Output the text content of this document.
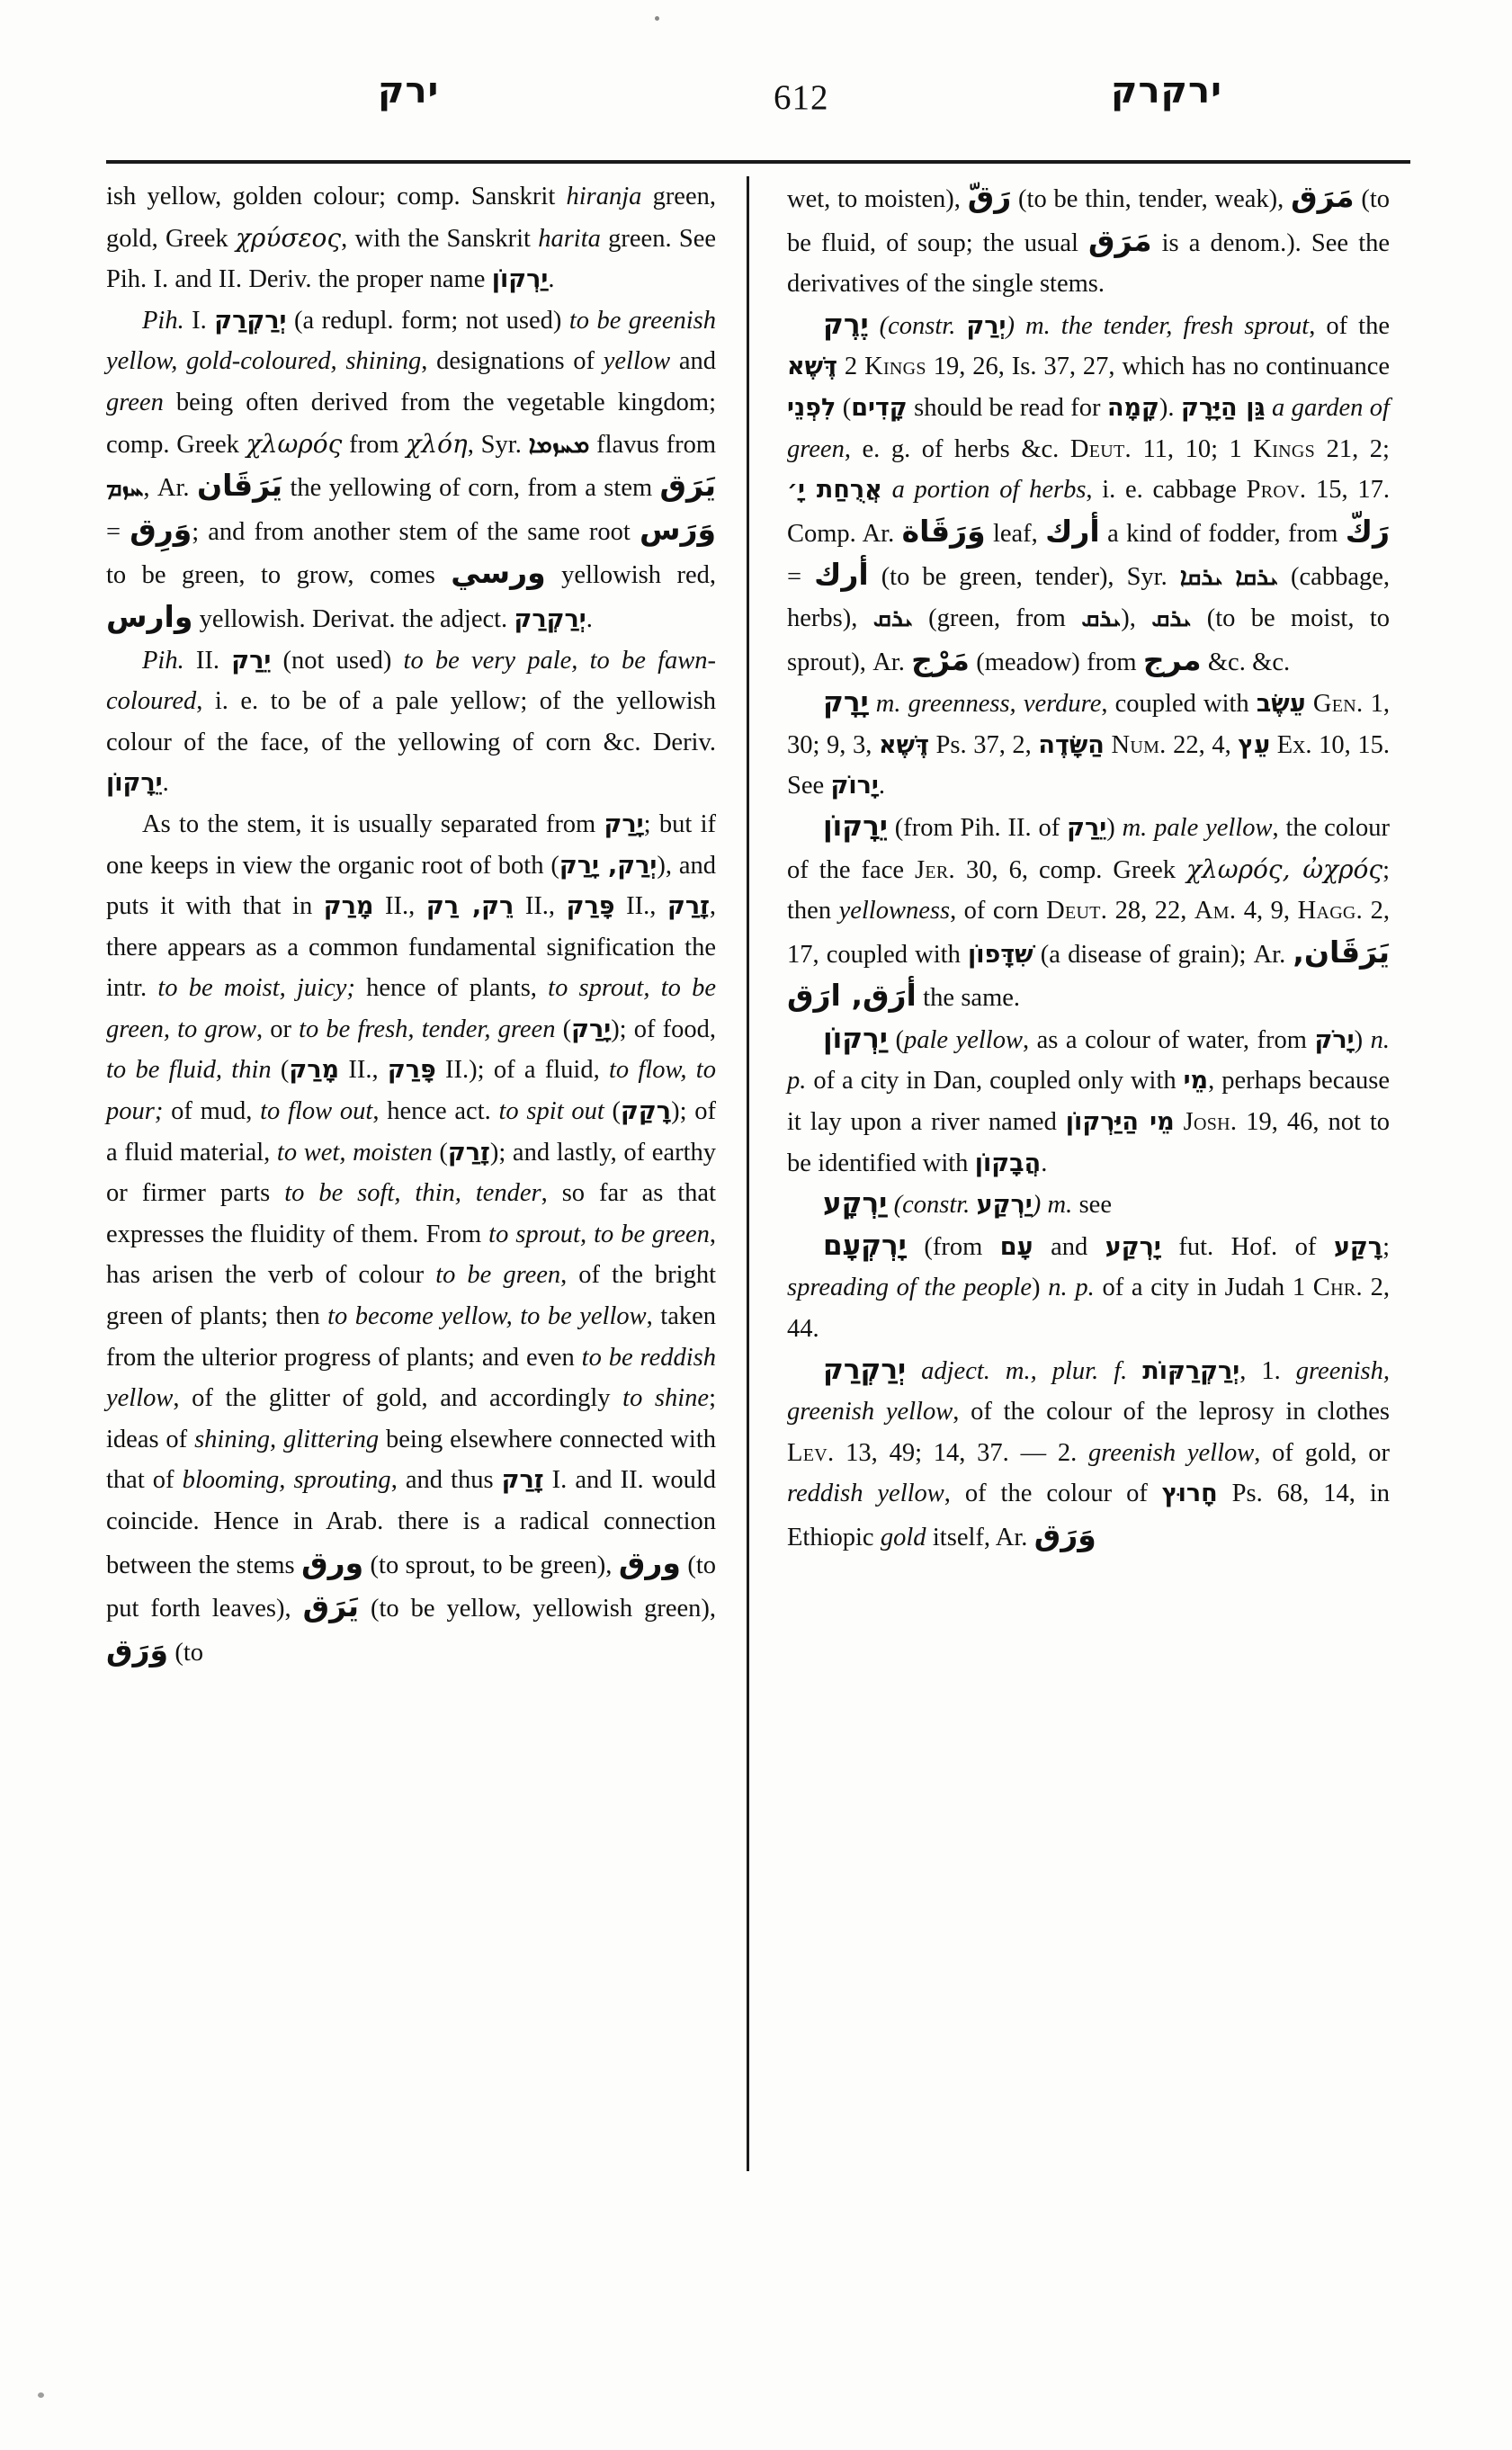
ירק	612	ירקרק

ish yellow, golden colour; comp. Sanskrit hiranja green, gold, Greek χρύσεος, with the Sanskrit harita green. See Pih. I. and II. Deriv. the proper name יַרְקוֹן.

Pih. I. יְרַקְרַק (a redupl. form; not used) to be greenish yellow, gold-coloured, shining, designations of yellow and green being often derived from the vegetable kingdom; comp. Greek χλωρός from χλόη, Syr. ܡܚܙܡܐ flavus from ܚܙܡ, Ar. يَرَقَان the yellowing of corn, from a stem يَرَق = وَرِق; and from another stem of the same root وَرَس to be green, to grow, comes ورسي yellowish red, وارس yellowish. Derivat. the adject. יְרַקְרַק.

Pih. II. יֵרַק (not used) to be very pale, to be fawn-coloured, i. e. to be of a pale yellow; of the yellowish colour of the face, of the yellowing of corn &c. Deriv. יֵרָקוֹן.

As to the stem, it is usually separated from יָרַק; but if one keeps in view the organic root of both (יְרַק, יָרַק), and puts it with that in מָרַק II., רֵק, רַק II., פָּרַק II., זָרַק, there appears as a common fundamental signification the intr. to be moist, juicy; hence of plants, to sprout, to be green, to grow, or to be fresh, tender, green (יָרַק); of food, to be fluid, thin (מָרַק II., פָּרַק II.); of a fluid, to flow, to pour; of mud, to flow out, hence act. to spit out (רָקַק); of a fluid material, to wet, moisten (זָרַק); and lastly, of earthy or firmer parts to be soft, thin, tender, so far as that expresses the fluidity of them. From to sprout, to be green, has arisen the verb of colour to be green, of the bright green of plants; then to become yellow, to be yellow, taken from the ulterior progress of plants; and even to be reddish yellow, of the glitter of gold, and accordingly to shine; ideas of shining, glittering being elsewhere connected with that of blooming, sprouting, and thus זָרַק I. and II. would coincide. Hence in Arab. there is a radical connection between the stems ورق (to sprout, to be green), ورق (to put forth leaves), يَرَق (to be yellow, yellowish green), وَرَق (to

wet, to moisten), رَقّ (to be thin, tender, weak), مَرَق (to be fluid, of soup; the usual مَرَق is a denom.). See the derivatives of the single stems.

יֶרֶק (constr. יְרַק) m. the tender, fresh sprout, of the דֶּשֶׁא 2 Kings 19, 26, Is. 37, 27, which has no continuance לִפְנֵי (קָדִים should be read for קָמָה). גַּן הַיָּרָק a garden of green, e. g. of herbs &c. Deut. 11, 10; 1 Kings 21, 2; אֲרֻחַת יָ׳ a portion of herbs, i. e. cabbage Prov. 15, 17. Comp. Ar. وَرَقَاة leaf, أرك a kind of fodder, from رَكّ = أرك (to be green, tender), Syr. ܝܪܩܐ ܝܪܩܐ (cabbage, herbs), ܝܪܩ (green, from ܝܪܩ), ܝܪܩ (to be moist, to sprout), Ar. مَرْج (meadow) from مرج &c. &c.

יָרָק m. greenness, verdure, coupled with עֵשֶׂב Gen. 1, 30; 9, 3, דֶּשֶׁא Ps. 37, 2, הַשָּׂדֶה Num. 22, 4, עֵץ Ex. 10, 15. See יָרוֹק.

יֵרָקוֹן (from Pih. II. of יֵרַק) m. pale yellow, the colour of the face Jer. 30, 6, comp. Greek χλωρός, ὠχρός; then yellowness, of corn Deut. 28, 22, Am. 4, 9, Hagg. 2, 17, coupled with שִׁדָּפוֹן (a disease of grain); Ar. يَرَقَان, أرَق, ارَق the same.

יַרְקוֹן (pale yellow, as a colour of water, from יָרֹק) n. p. of a city in Dan, coupled only with מֵי, perhaps because it lay upon a river named מֵי הַיַּרְקוֹן Josh. 19, 46, not to be identified with הֲבָקוֹן.

יַרְקָע (constr. יַרְקַע) m. see

יָרְקְעָם (from עָם and יָרְקַע fut. Hof. of רָקַע; spreading of the people) n. p. of a city in Judah 1 Chr. 2, 44.

יְרַקְרַק adject. m., plur. f. יְרַקְרַקּוֹת, 1. greenish, greenish yellow, of the colour of the leprosy in clothes Lev. 13, 49; 14, 37. — 2. greenish yellow, of gold, or reddish yellow, of the colour of חָרוּץ Ps. 68, 14, in Ethiopic gold itself, Ar. وَرَق
